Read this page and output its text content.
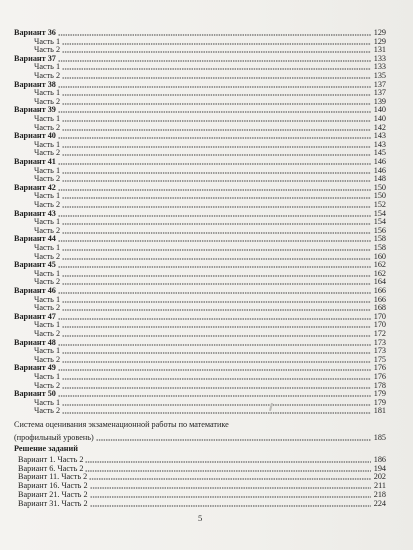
Вариант 36	129
Часть 1	129
Часть 2	131
Вариант 37	133
Часть 1	133
Часть 2	135
Вариант 38	137
Часть 1	137
Часть 2	139
Вариант 39	140
Часть 1	140
Часть 2	142
Вариант 40	143
Часть 1	143
Часть 2	145
Вариант 41	146
Часть 1	146
Часть 2	148
Вариант 42	150
Часть 1	150
Часть 2	152
Вариант 43	154
Часть 1	154
Часть 2	156
Вариант 44	158
Часть 1	158
Часть 2	160
Вариант 45	162
Часть 1	162
Часть 2	164
Вариант 46	166
Часть 1	166
Часть 2	168
Вариант 47	170
Часть 1	170
Часть 2	172
Вариант 48	173
Часть 1	173
Часть 2	175
Вариант 49	176
Часть 1	176
Часть 2	178
Вариант 50	179
Часть 1	179
Часть 2	181
Система оценивания экзаменационной работы по математике
(профильный уровень)	185
Решение заданий
Вариант 1. Часть 2	186
Вариант 6. Часть 2	194
Вариант 11. Часть 2	202
Вариант 16. Часть 2	211
Вариант 21. Часть 2	218
Вариант 31. Часть 2	224
5
